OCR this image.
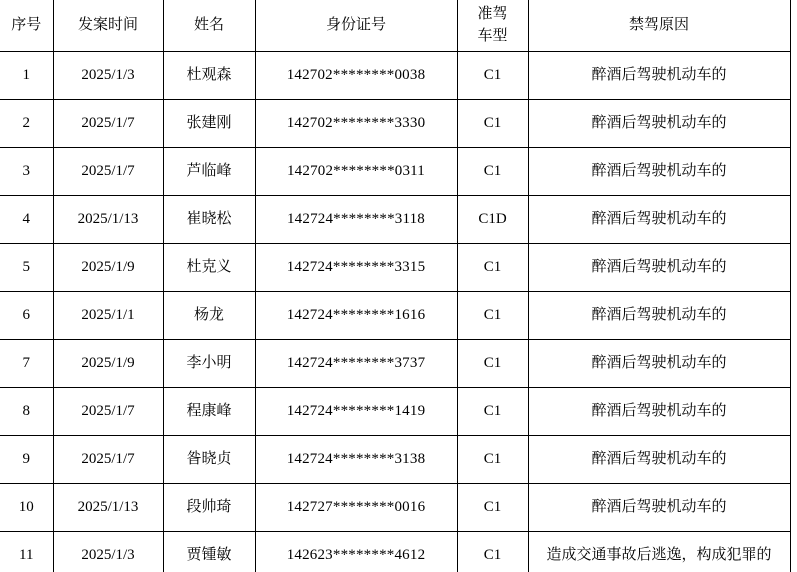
序号	发案时间	姓名	身份证号	准驾车型	禁驾原因
1	2025/1/3	杜观森	142702********0038	C1	醉酒后驾驶机动车的
2	2025/1/7	张建刚	142702********3330	C1	醉酒后驾驶机动车的
3	2025/1/7	芦临峰	142702********0311	C1	醉酒后驾驶机动车的
4	2025/1/13	崔晓松	142724********3118	C1D	醉酒后驾驶机动车的
5	2025/1/9	杜克义	142724********3315	C1	醉酒后驾驶机动车的
6	2025/1/1	杨龙	142724********1616	C1	醉酒后驾驶机动车的
7	2025/1/9	李小明	142724********3737	C1	醉酒后驾驶机动车的
8	2025/1/7	程康峰	142724********1419	C1	醉酒后驾驶机动车的
9	2025/1/7	昝晓贞	142724********3138	C1	醉酒后驾驶机动车的
10	2025/1/13	段帅琦	142727********0016	C1	醉酒后驾驶机动车的
11	2025/1/3	贾锺敏	142623********4612	C1	造成交通事故后逃逸，构成犯罪的
